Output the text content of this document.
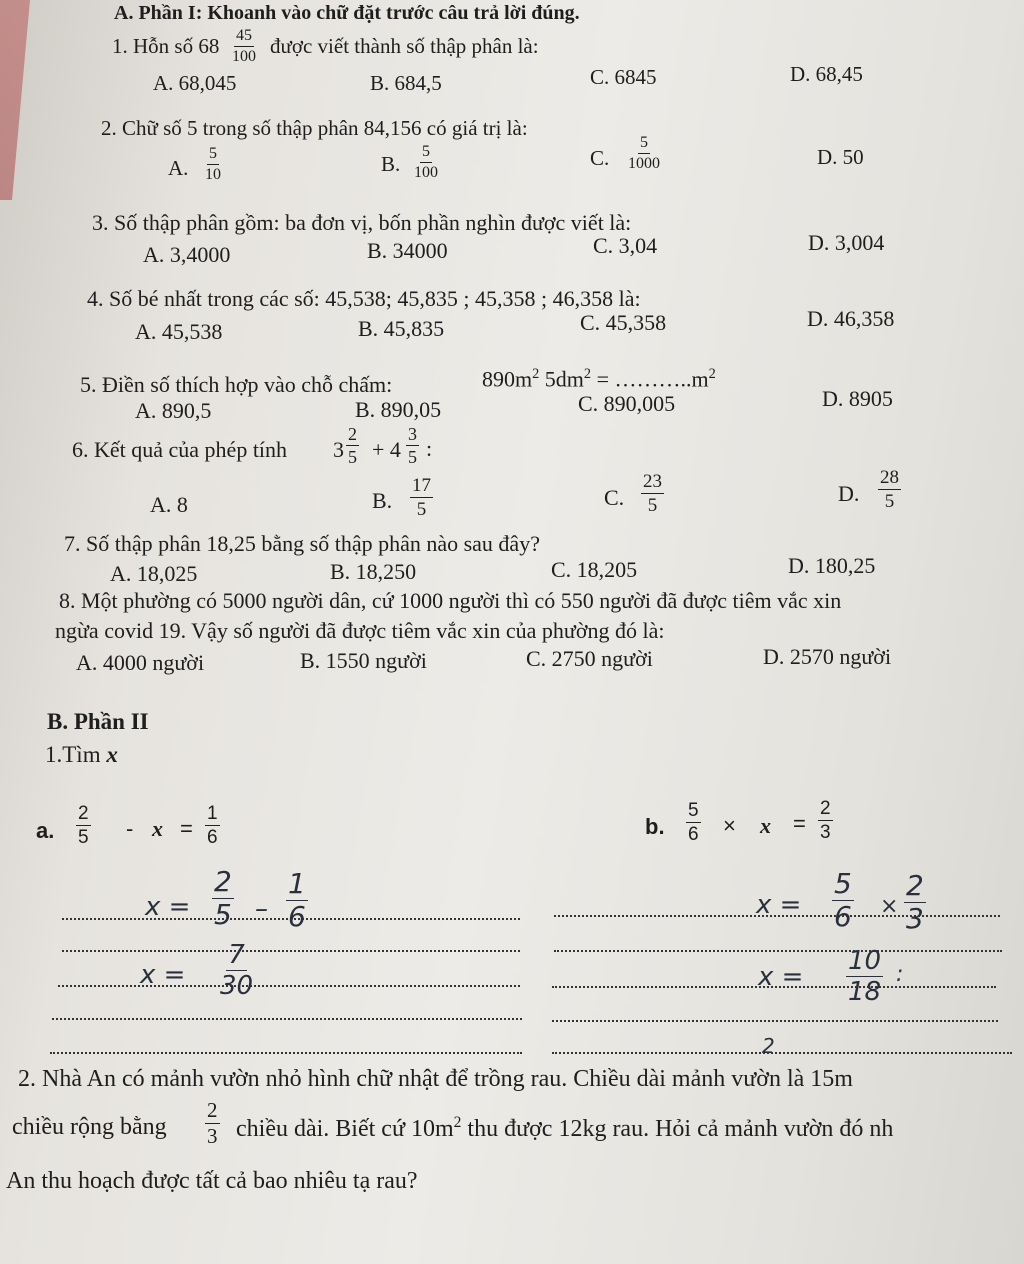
A. Phần I: Khoanh vào chữ đặt trước câu trả lời đúng.
1. Hỗn số $68 \frac{45}{100}$ được viết thành số thập phân là:
A. 68,045	B. 684,5	C. 6845	D. 68,45
2. Chữ số 5 trong số thập phân 84,156 có giá trị là:
A. $\frac{5}{10}$	B. $\frac{5}{100}$	C. $\frac{5}{1000}$	D. 50
3. Số thập phân gồm: ba đơn vị, bốn phần nghìn được viết là:
A. 3,4000	B. 34000	C. 3,04	D. 3,004
4. Số bé nhất trong các số: 45,538; 45,835 ; 45,358 ; 46,358 là:
A. 45,538	B. 45,835	C. 45,358	D. 46,358
5. Điền số thích hợp vào chỗ chấm:	$890m^2$ $5dm^2$ = $\dots\dots\dots..m^2$
A. 890,5	B. 890,05	C. 890,005	D. 8905
6. Kết quả của phép tính $3 \frac{2}{5} + 4 \frac{3}{5}$ :
A. 8	B. $\frac{17}{5}$	C. $\frac{23}{5}$	D. $\frac{28}{5}$
7. Số thập phân 18,25 bằng số thập phân nào sau đây?
A. 18,025	B. 18,250	C. 18,205	D. 180,25
8. Một phường có 5000 người dân, cứ 1000 người thì có 550 người đã được tiêm vắc xin
ngừa covid 19. Vậy số người đã được tiêm vắc xin của phường đó là:
A. 4000 người	B. 1550 người	C. 2750 người	D. 2570 người
B. Phần II
1.Tìm x
a. $\frac{2}{5} - x = \frac{1}{6}$	b. $\frac{5}{6} \times x = \frac{2}{3}$
$x = \frac{2}{5} - \frac{1}{6}$
$x = \frac{7}{30}$
$x = \frac{5}{6} \times \frac{2}{3}$
$x = \frac{10}{18}$ :
2
2. Nhà An có mảnh vườn nhỏ hình chữ nhật để trồng rau. Chiều dài mảnh vườn là 15m
chiều rộng bằng $\frac{2}{3}$ chiều dài. Biết cứ $10m^2$ thu được 12kg rau. Hỏi cả mảnh vườn đó nh
An thu hoạch được tất cả bao nhiêu tạ rau?
